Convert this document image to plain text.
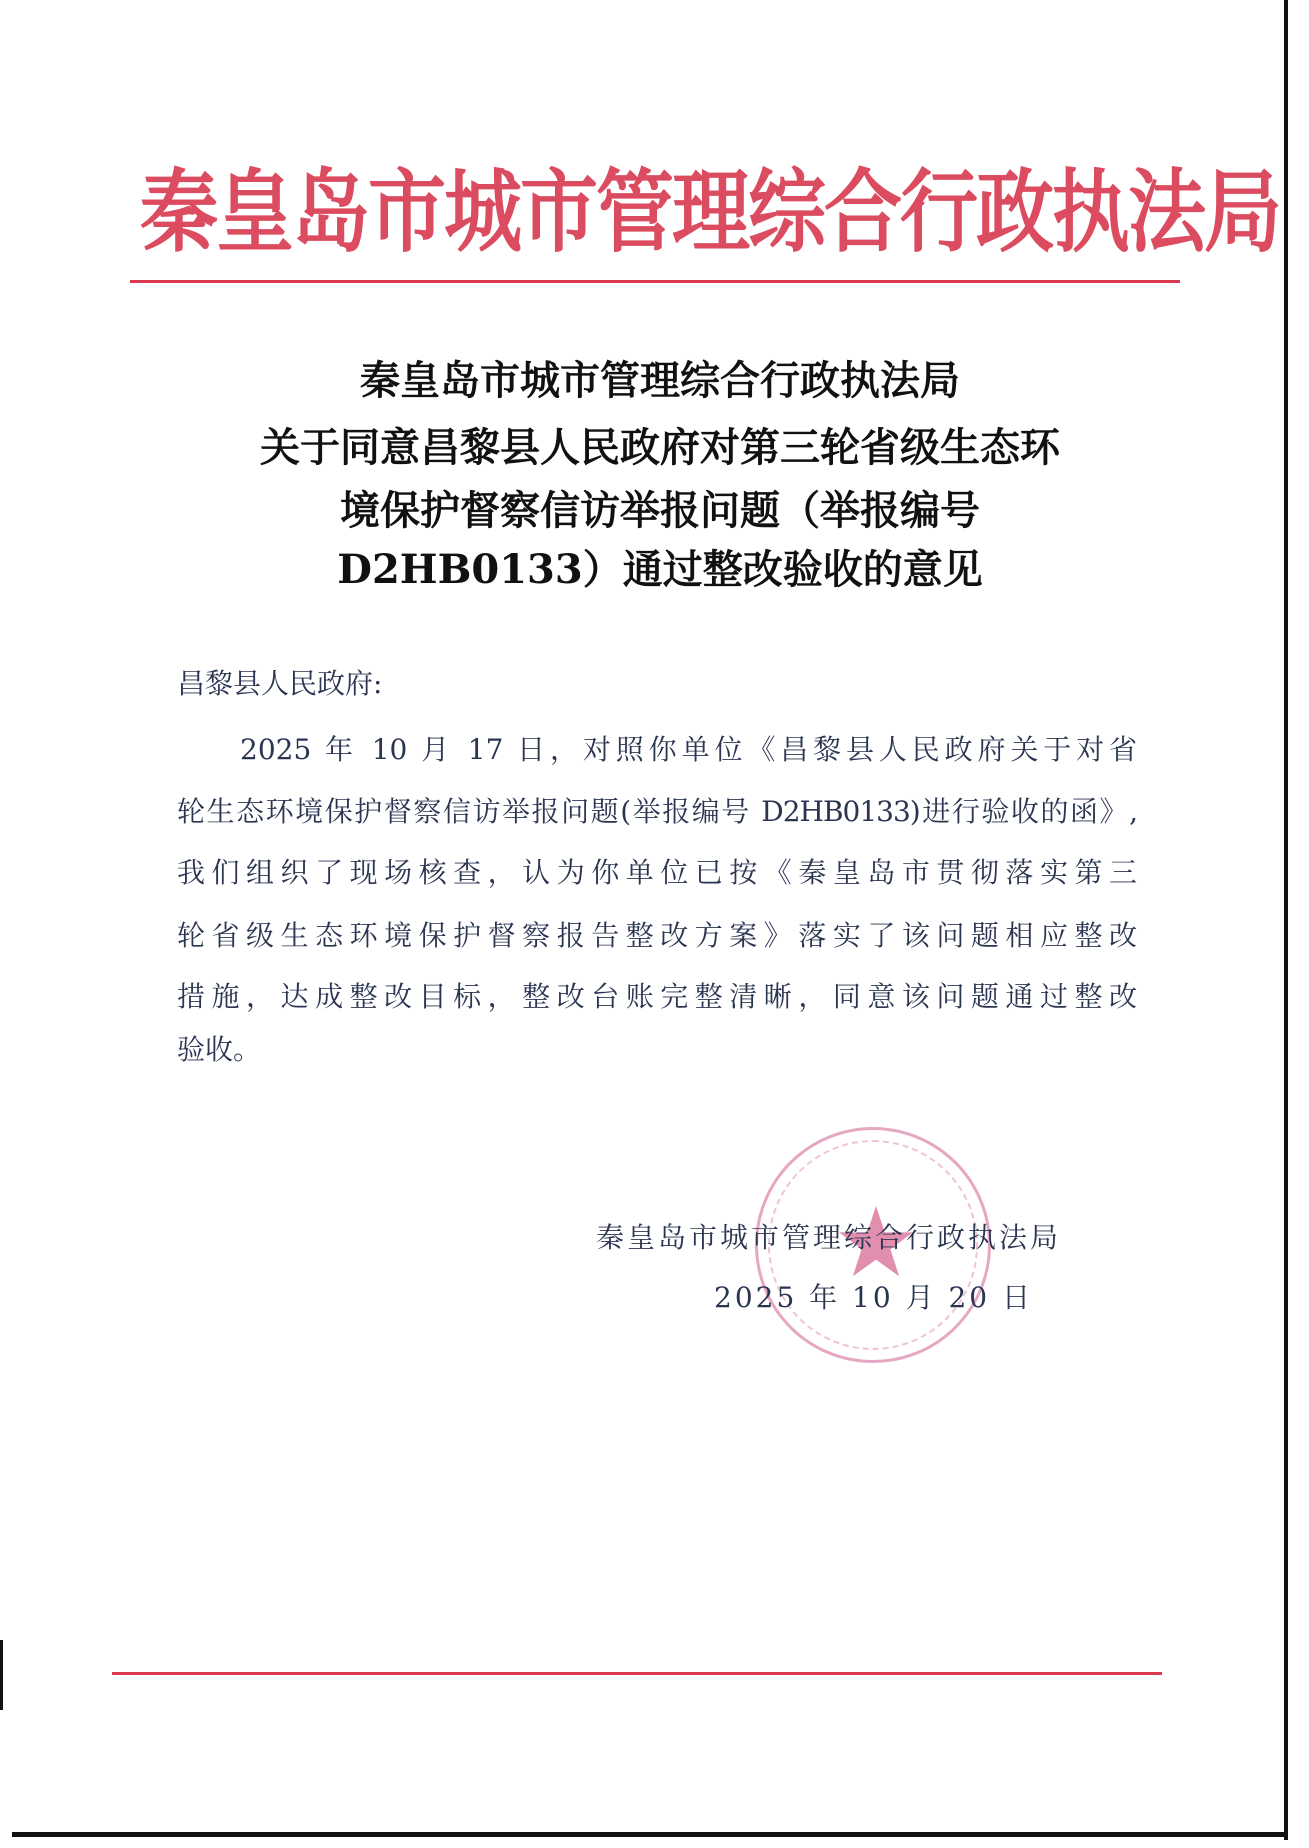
秦皇岛市城市管理综合行政执法局
秦皇岛市城市管理综合行政执法局
关于同意昌黎县人民政府对第三轮省级生态环
境保护督察信访举报问题（举报编号
D2HB0133）通过整改验收的意见
昌黎县人民政府:
2025 年 10 月 17 日，对照你单位《昌黎县人民政府关于对省
轮生态环境保护督察信访举报问题(举报编号 D2HB0133)进行验收的函》,
我们组织了现场核查，认为你单位已按《秦皇岛市贯彻落实第三
轮省级生态环境保护督察报告整改方案》落实了该问题相应整改
措施，达成整改目标，整改台账完整清晰，同意该问题通过整改
验收。
秦皇岛市城市管理综合行政执法局
2025 年 10 月 20 日
